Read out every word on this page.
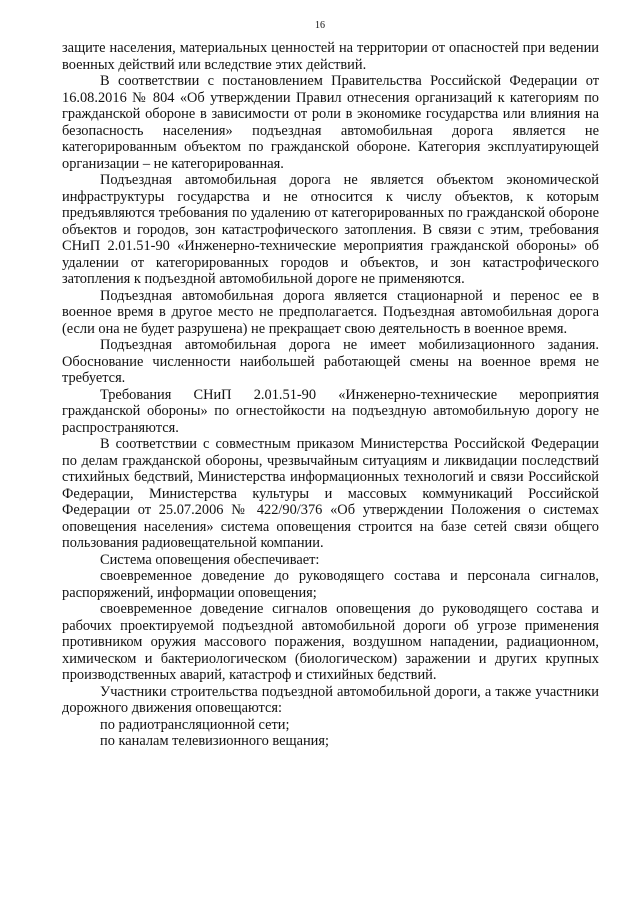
16

защите населения, материальных ценностей на территории от опасностей при ведении военных действий или вследствие этих действий.

В соответствии с постановлением Правительства Российской Федерации от 16.08.2016 № 804 «Об утверждении Правил отнесения организаций к категориям по гражданской обороне в зависимости от роли в экономике государства или влияния на безопасность населения» подъездная автомобильная дорога является не категорированным объектом по гражданской обороне. Категория эксплуатирующей организации – не категорированная.

Подъездная автомобильная дорога не является объектом экономической инфраструктуры государства и не относится к числу объектов, к которым предъявляются требования по удалению от категорированных по гражданской обороне объектов и городов, зон катастрофического затопления. В связи с этим, требования СНиП 2.01.51-90 «Инженерно-технические мероприятия гражданской обороны» об удалении от категорированных городов и объектов, и зон катастрофического затопления к подъездной автомобильной дороге не применяются.

Подъездная автомобильная дорога является стационарной и перенос ее в военное время в другое место не предполагается. Подъездная автомобильная дорога (если она не будет разрушена) не прекращает свою деятельность в военное время.

Подъездная автомобильная дорога не имеет мобилизационного задания. Обоснование численности наибольшей работающей смены на военное время не требуется.

Требования СНиП 2.01.51-90 «Инженерно-технические мероприятия гражданской обороны» по огнестойкости на подъездную автомобильную дорогу не распространяются.

В соответствии с совместным приказом Министерства Российской Федерации по делам гражданской обороны, чрезвычайным ситуациям и ликвидации последствий стихийных бедствий, Министерства информационных технологий и связи Российской Федерации, Министерства культуры и массовых коммуникаций Российской Федерации от 25.07.2006 № 422/90/376 «Об утверждении Положения о системах оповещения населения» система оповещения строится на базе сетей связи общего пользования радиовещательной компании.

Система оповещения обеспечивает:

своевременное доведение до руководящего состава и персонала сигналов, распоряжений, информации оповещения;

своевременное доведение сигналов оповещения до руководящего состава и рабочих проектируемой подъездной автомобильной дороги об угрозе применения противником оружия массового поражения, воздушном нападении, радиационном, химическом и бактериологическом (биологическом) заражении и других крупных производственных аварий, катастроф и стихийных бедствий.

Участники строительства подъездной автомобильной дороги, а также участники дорожного движения оповещаются:

по радиотрансляционной сети;

по каналам телевизионного вещания;
